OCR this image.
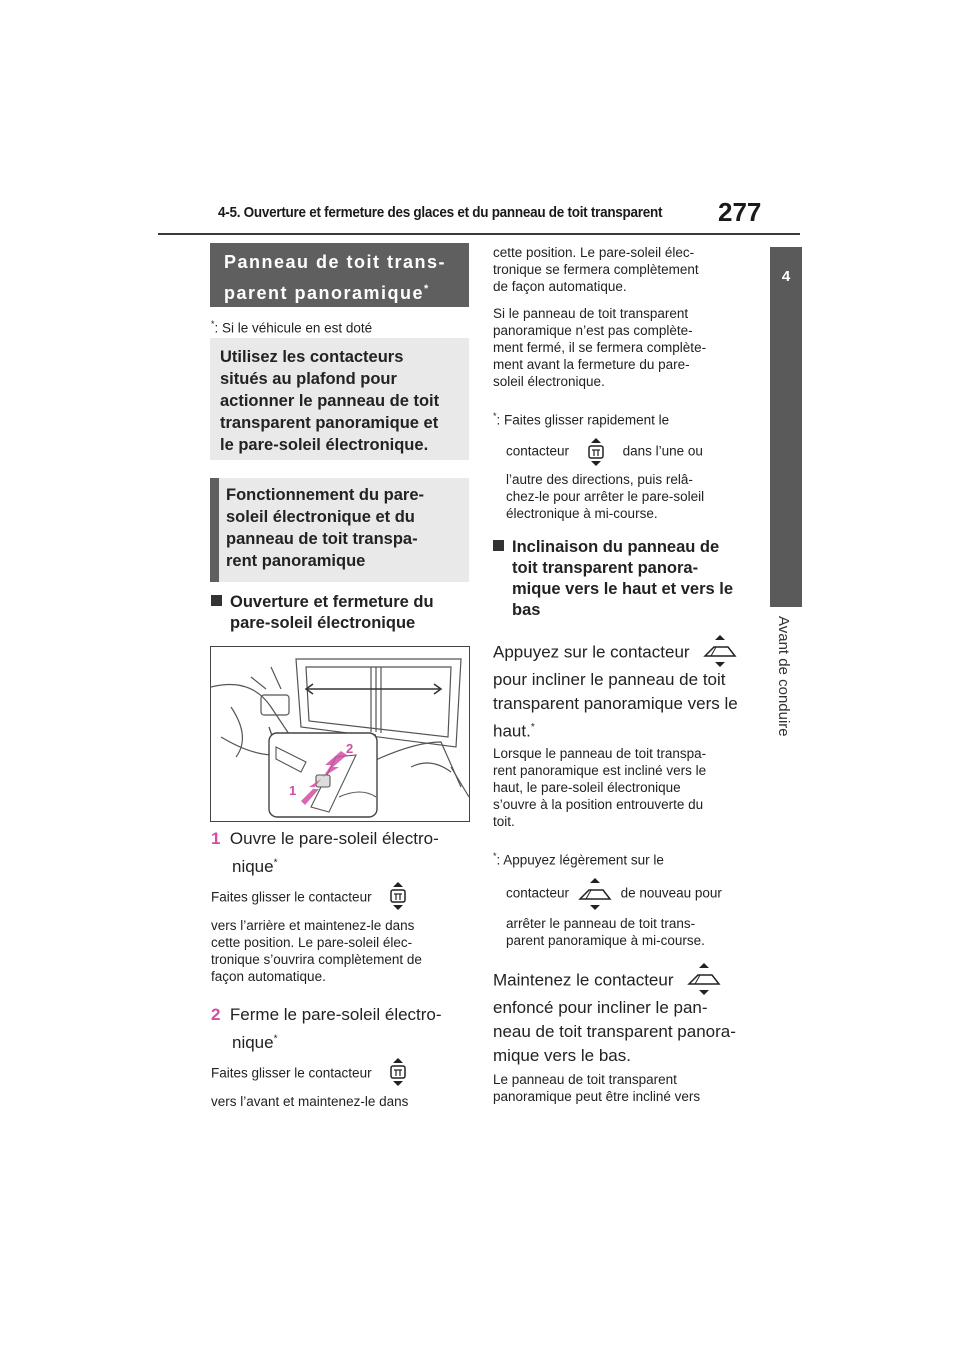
4-5. Ouverture et fermeture des glaces et du panneau de toit transparent 277
4
Avant de conduire
Panneau de toit trans-
parent panoramique*
*: Si le véhicule en est doté
Utilisez les contacteurs
situés au plafond pour
actionner le panneau de toit
transparent panoramique et
le pare-soleil électronique.
Fonctionnement du pare-
soleil électronique et du
panneau de toit transpa-
rent panoramique
Ouverture et fermeture du
pare-soleil électronique
2
1
1 Ouvre le pare-soleil électro-
nique*
Faites glisser le contacteur

vers l’arrière et maintenez-le dans
cette position. Le pare-soleil élec-
tronique s’ouvrira complètement de
façon automatique.
2 Ferme le pare-soleil électro-
nique*
Faites glisser le contacteur

vers l’avant et maintenez-le dans
cette position. Le pare-soleil élec-
tronique se fermera complètement
de façon automatique.
Si le panneau de toit transparent
panoramique n’est pas complète-
ment fermé, il se fermera complète-
ment avant la fermeture du pare-
soleil électronique.
*: Faites glisser rapidement le

contacteur	dans l’une ou

l’autre des directions, puis relâ-
chez-le pour arrêter le pare-soleil
électronique à mi-course.
Inclinaison du panneau de
toit transparent panora-
mique vers le haut et vers le
bas
Appuyez sur le contacteur
pour incliner le panneau de toit
transparent panoramique vers le
haut.*
Lorsque le panneau de toit transpa-
rent panoramique est incliné vers le
haut, le pare-soleil électronique
s’ouvre à la position entrouverte du
toit.
*: Appuyez légèrement sur le

contacteur	de nouveau pour

arrêter le panneau de toit trans-
parent panoramique à mi-course.
Maintenez le contacteur
enfoncé pour incliner le pan-
neau de toit transparent panora-
mique vers le bas.
Le panneau de toit transparent
panoramique peut être incliné vers
